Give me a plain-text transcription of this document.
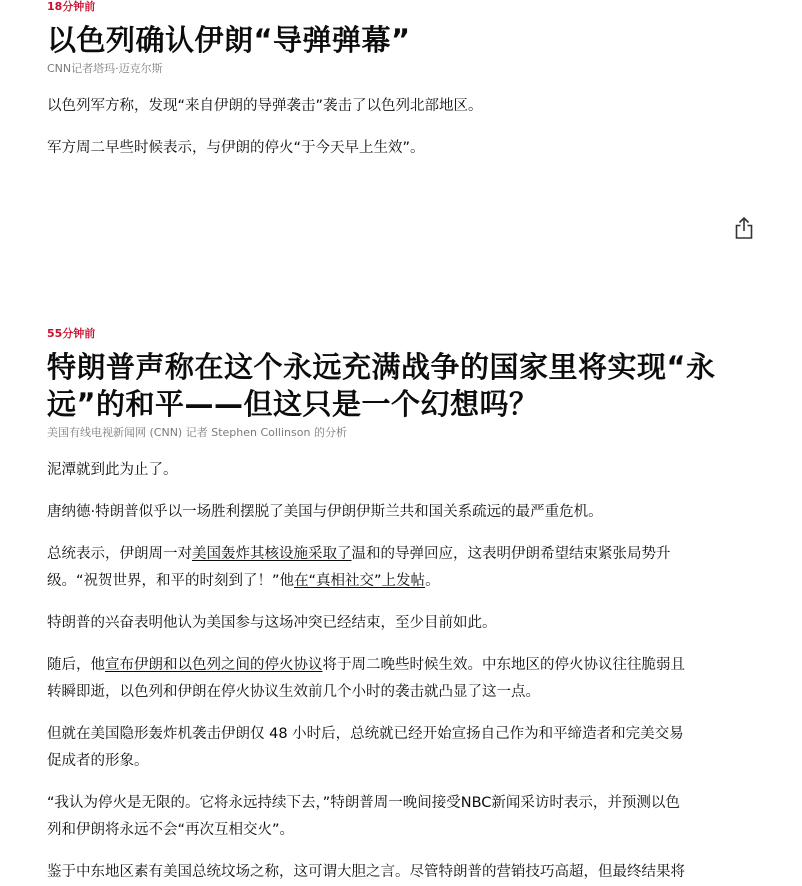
18分钟前

以色列确认伊朗“导弹弹幕”

CNN记者塔玛·迈克尔斯

以色列军方称，发现“来自伊朗的导弹袭击”袭击了以色列北部地区。

军方周二早些时候表示，与伊朗的停火“于今天早上生效”。

55分钟前

特朗普声称在这个永远充满战争的国家里将实现“永
远”的和平——但这只是一个幻想吗？

美国有线电视新闻网 (CNN) 记者 Stephen Collinson 的分析

泥潭就到此为止了。

唐纳德·特朗普似乎以一场胜利摆脱了美国与伊朗伊斯兰共和国关系疏远的最严重危机。

总统表示，伊朗周一对美国轰炸其核设施采取了温和的导弹回应，这表明伊朗希望结束紧张局势升
级。“祝贺世界，和平的时刻到了！”他在“真相社交”上发帖。

特朗普的兴奋表明他认为美国参与这场冲突已经结束，至少目前如此。

随后，他宣布伊朗和以色列之间的停火协议将于周二晚些时候生效。中东地区的停火协议往往脆弱且
转瞬即逝，以色列和伊朗在停火协议生效前几个小时的袭击就凸显了这一点。

但就在美国隐形轰炸机袭击伊朗仅 48 小时后，总统就已经开始宣扬自己作为和平缔造者和完美交易
促成者的形象。

“我认为停火是无限的。它将永远持续下去，”特朗普周一晚间接受NBC新闻采访时表示，并预测以色
列和伊朗将永远不会“再次互相交火”。

鉴于中东地区素有美国总统坟场之称，这可谓大胆之言。尽管特朗普的营销技巧高超，但最终结果将
